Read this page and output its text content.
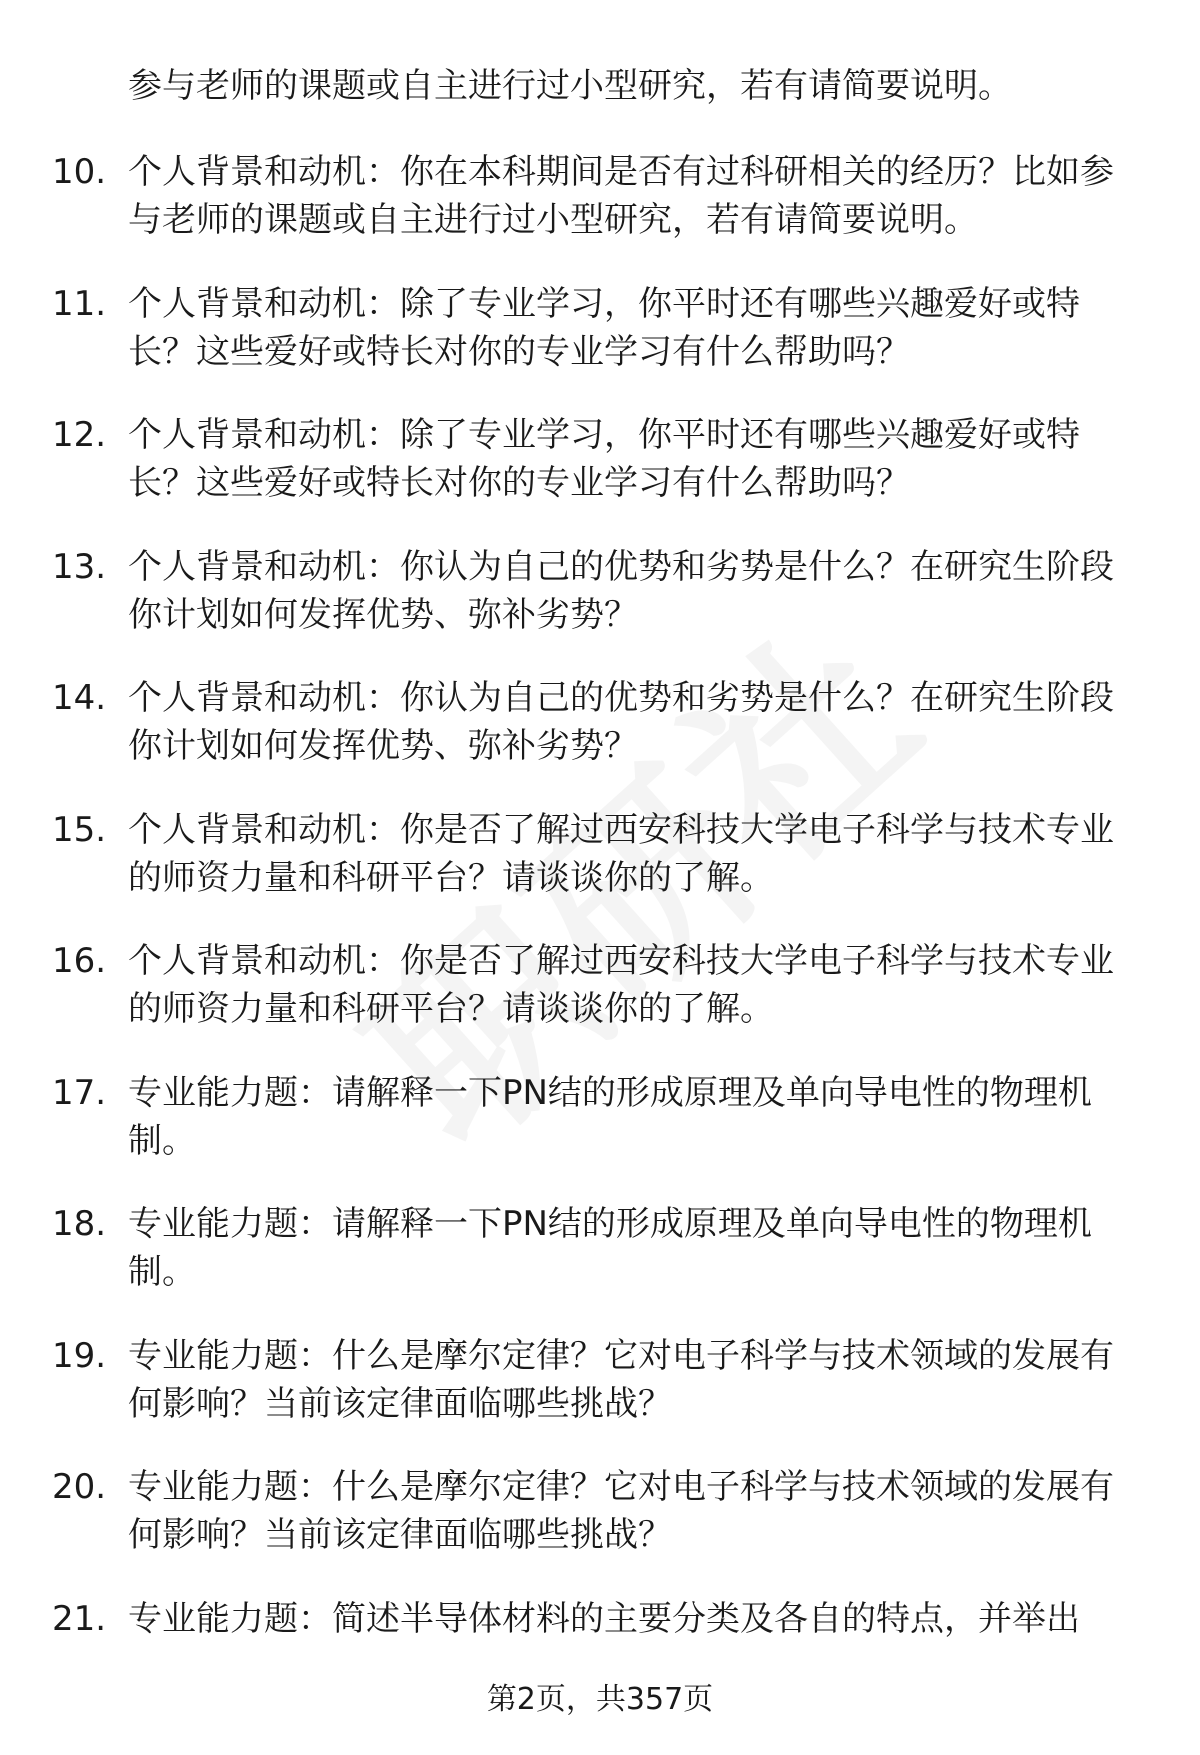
参与老师的课题或自主进行过小型研究，若有请简要说明。
10. 个人背景和动机：你在本科期间是否有过科研相关的经历？比如参与老师的课题或自主进行过小型研究，若有请简要说明。
11. 个人背景和动机：除了专业学习，你平时还有哪些兴趣爱好或特长？这些爱好或特长对你的专业学习有什么帮助吗？
12. 个人背景和动机：除了专业学习，你平时还有哪些兴趣爱好或特长？这些爱好或特长对你的专业学习有什么帮助吗？
13. 个人背景和动机：你认为自己的优势和劣势是什么？在研究生阶段你计划如何发挥优势、弥补劣势？
14. 个人背景和动机：你认为自己的优势和劣势是什么？在研究生阶段你计划如何发挥优势、弥补劣势？
15. 个人背景和动机：你是否了解过西安科技大学电子科学与技术专业的师资力量和科研平台？请谈谈你的了解。
16. 个人背景和动机：你是否了解过西安科技大学电子科学与技术专业的师资力量和科研平台？请谈谈你的了解。
17. 专业能力题：请解释一下PN结的形成原理及单向导电性的物理机制。
18. 专业能力题：请解释一下PN结的形成原理及单向导电性的物理机制。
19. 专业能力题：什么是摩尔定律？它对电子科学与技术领域的发展有何影响？当前该定律面临哪些挑战？
20. 专业能力题：什么是摩尔定律？它对电子科学与技术领域的发展有何影响？当前该定律面临哪些挑战？
21. 专业能力题：简述半导体材料的主要分类及各自的特点，并举出
第2页，共357页
